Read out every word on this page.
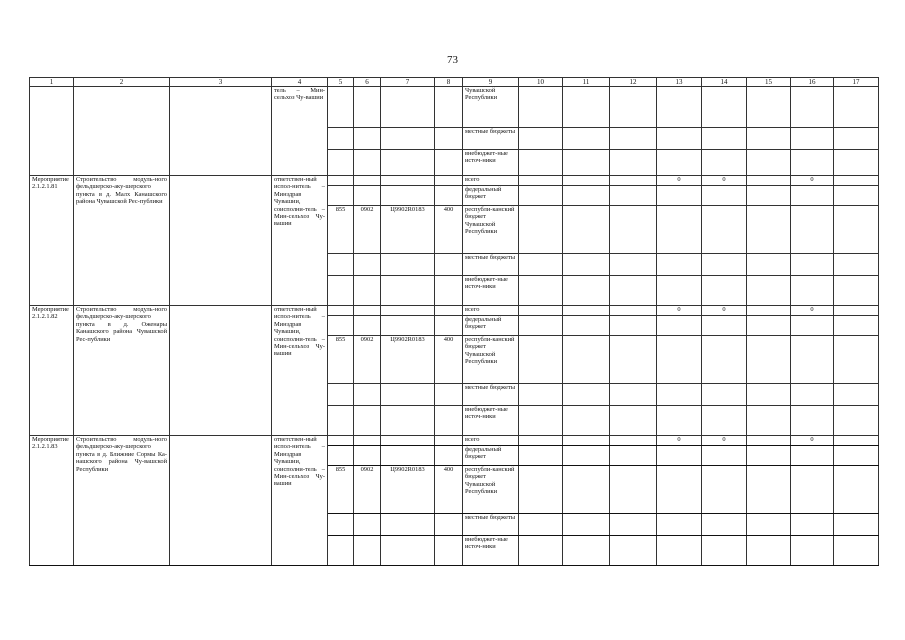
73
1	2	3	4	5	6	7	8	9	10	11	12	13	14	15	16	17
			тель – Мин-сельхоз Чу-вашии					Чувашской Республики								
								местные бюджеты								
								внебюджет-ные источ-ники								
Мероприятие 2.1.2.1.81	Строительство модуль-ного фельдшерско-аку-шерского пункта в д. Малх Канашского района Чувашской Рес-публики		ответствен-ный испол-нитель – Минздрав Чувашии, соисполни-тель – Мин-сельхоз Чу-вашии					всего				0	0		0	
								федеральный бюджет								
				855	0902	Ц9902R0183	400	республи-канский бюджет Чувашской Республики								
								местные бюджеты								
								внебюджет-ные источ-ники								
Мероприятие 2.1.2.1.82	Строительство модуль-ного фельдшерско-аку-шерского пункта в д. Оженары Канашского района Чувашской Рес-публики		ответствен-ный испол-нитель – Минздрав Чувашии, соисполни-тель – Мин-сельхоз Чу-вашии					всего				0	0		0	
								федеральный бюджет								
				855	0902	Ц9902R0183	400	республи-канский бюджет Чувашской Республики								
								местные бюджеты								
								внебюджет-ные источ-ники								
Мероприятие 2.1.2.1.83	Строительство модуль-ного фельдшерско-аку-шерского пункта в д. Ближние Сормы Ка-нашского района Чу-вашской Республики		ответствен-ный испол-нитель – Минздрав Чувашии, соисполни-тель – Мин-сельхоз Чу-вашии					всего				0	0		0	
								федеральный бюджет								
				855	0902	Ц9902R0183	400	республи-канский бюджет Чувашской Республики								
								местные бюджеты								
								внебюджет-ные источ-ники								
